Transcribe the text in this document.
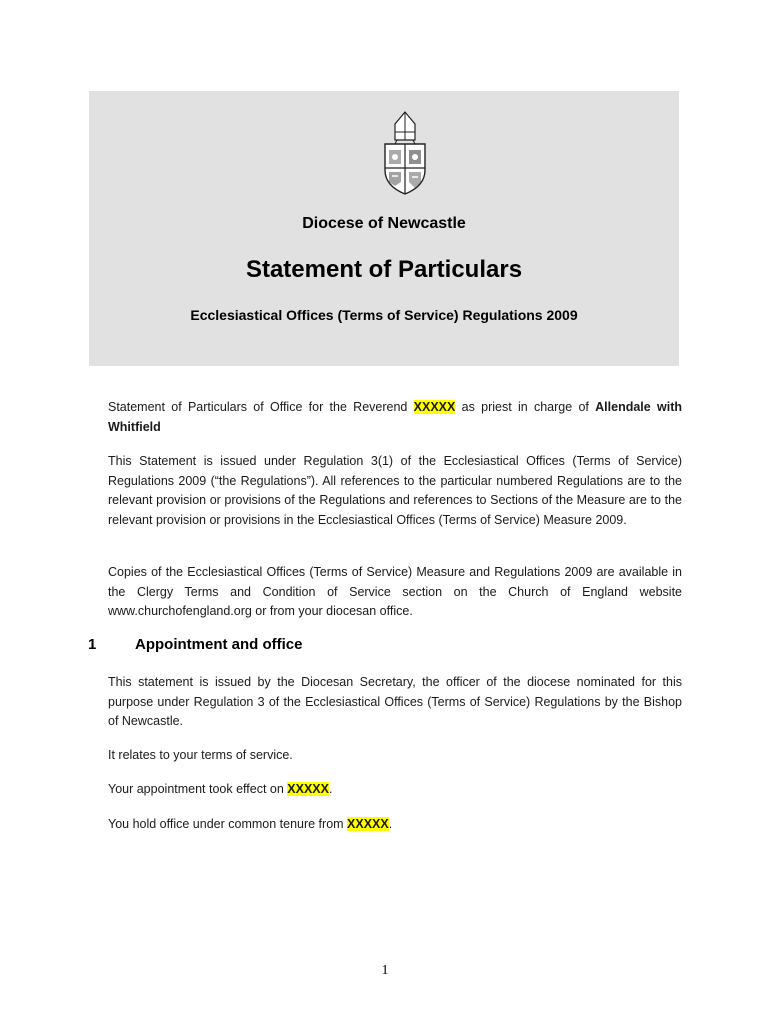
Diocese of Newcastle
Statement of Particulars
Ecclesiastical Offices (Terms of Service) Regulations 2009
Statement of Particulars of Office for the Reverend XXXXX as priest in charge of Allendale with Whitfield
This Statement is issued under Regulation 3(1) of the Ecclesiastical Offices (Terms of Service) Regulations 2009 (“the Regulations”). All references to the particular numbered Regulations are to the relevant provision or provisions of the Regulations and references to Sections of the Measure are to the relevant provision or provisions in the Ecclesiastical Offices (Terms of Service) Measure 2009.
Copies of the Ecclesiastical Offices (Terms of Service) Measure and Regulations 2009 are available in the Clergy Terms and Condition of Service section on the Church of England website www.churchofengland.org or from your diocesan office.
1	Appointment and office
This statement is issued by the Diocesan Secretary, the officer of the diocese nominated for this purpose under Regulation 3 of the Ecclesiastical Offices (Terms of Service) Regulations by the Bishop of Newcastle.
It relates to your terms of service.
Your appointment took effect on XXXXX.
You hold office under common tenure from XXXXX.
1
